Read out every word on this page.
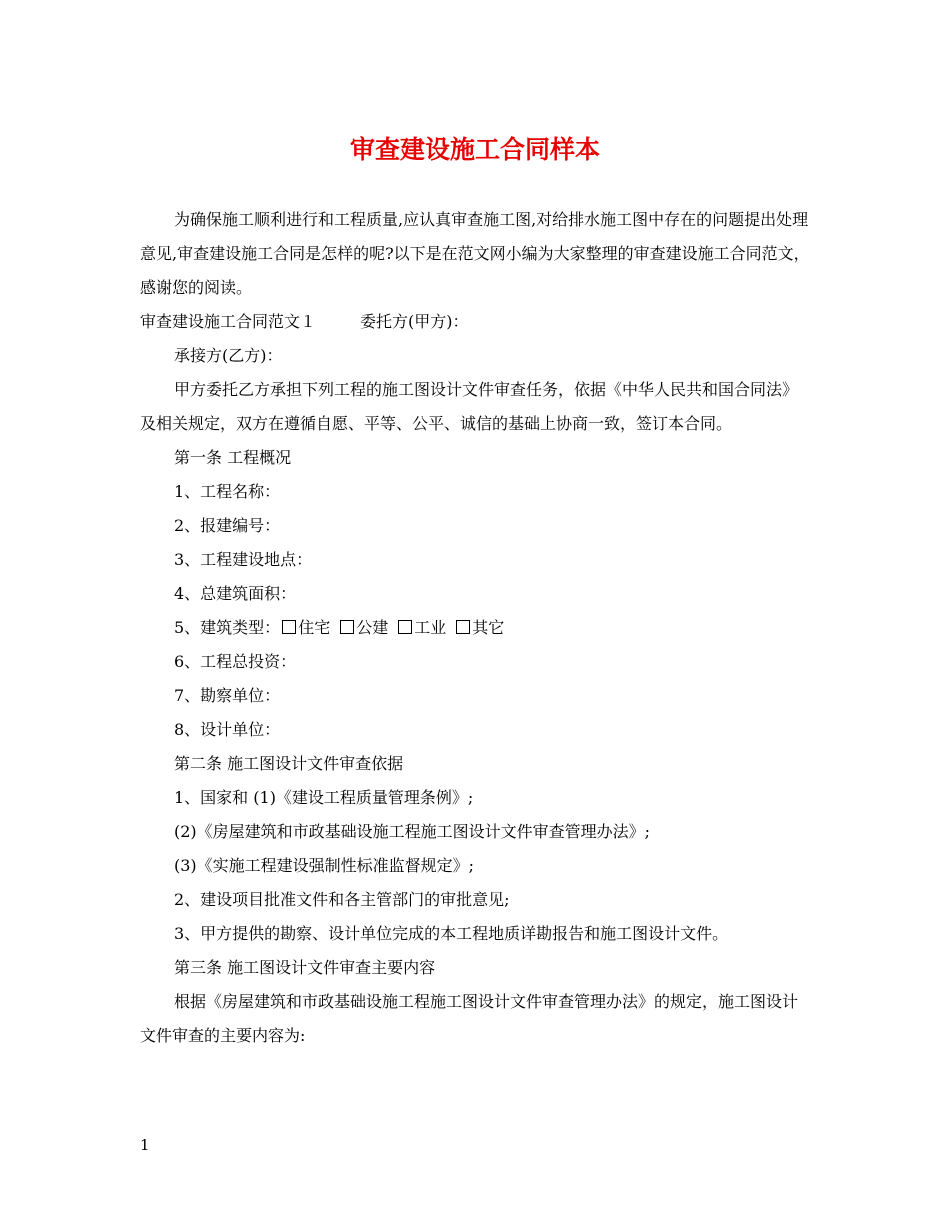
审查建设施工合同样本

为确保施工顺利进行和工程质量,应认真审查施工图,对给排水施工图中存在的问题提出处理意见,审查建设施工合同是怎样的呢?以下是在范文网小编为大家整理的审查建设施工合同范文，感谢您的阅读。

审查建设施工合同范文１	委托方(甲方)：

承接方(乙方)：

甲方委托乙方承担下列工程的施工图设计文件审查任务，依据《中华人民共和国合同法》及相关规定，双方在遵循自愿、平等、公平、诚信的基础上协商一致，签订本合同。

第一条 工程概况

1、工程名称：

2、报建编号：

3、工程建设地点：

4、总建筑面积：

5、建筑类型： 住宅 公建 工业 其它

6、工程总投资：

7、勘察单位：

8、设计单位：

第二条 施工图设计文件审查依据

1、国家和 (1)《建设工程质量管理条例》;

(2)《房屋建筑和市政基础设施工程施工图设计文件审查管理办法》;

(3)《实施工程建设强制性标准监督规定》;

2、建设项目批准文件和各主管部门的审批意见;

3、甲方提供的勘察、设计单位完成的本工程地质详勘报告和施工图设计文件。

第三条 施工图设计文件审查主要内容

根据《房屋建筑和市政基础设施工程施工图设计文件审查管理办法》的规定，施工图设计文件审查的主要内容为:

1
